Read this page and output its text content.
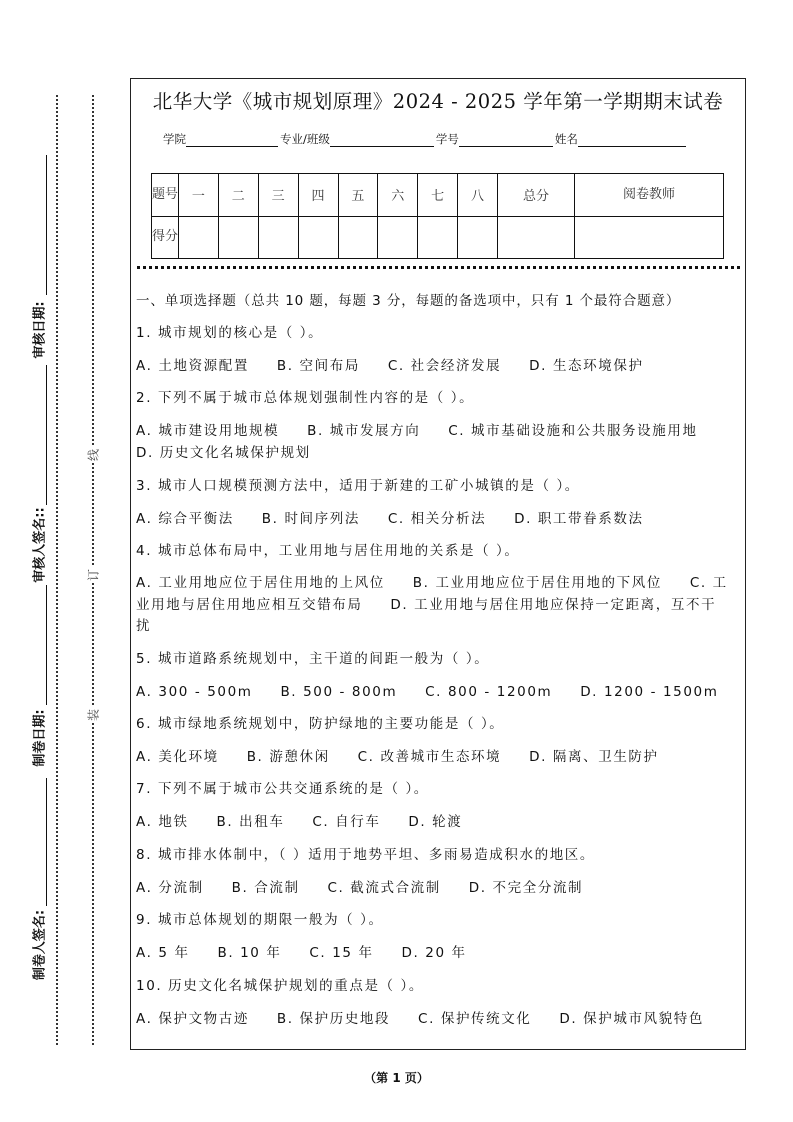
审核日期:
审核人签名::
制卷日期:
制卷人签名:
线
订
装
北华大学《城市规划原理》2024 - 2025 学年第一学期期末试卷
学院	专业/班级	学号	姓名
题号	一	二	三	四	五	六	七	八	总分	阅卷教师
得分										
一、单项选择题（总共 10 题，每题 3 分，每题的备选项中，只有 1 个最符合题意）
1. 城市规划的核心是（ ）。
A. 土地资源配置 B. 空间布局 C. 社会经济发展 D. 生态环境保护
2. 下列不属于城市总体规划强制性内容的是（ ）。
A. 城市建设用地规模 B. 城市发展方向 C. 城市基础设施和公共服务设施用地 D. 历史文化名城保护规划
3. 城市人口规模预测方法中，适用于新建的工矿小城镇的是（ ）。
A. 综合平衡法 B. 时间序列法 C. 相关分析法 D. 职工带眷系数法
4. 城市总体布局中，工业用地与居住用地的关系是（ ）。
A. 工业用地应位于居住用地的上风位 B. 工业用地应位于居住用地的下风位 C. 工业用地与居住用地应相互交错布局 D. 工业用地与居住用地应保持一定距离，互不干扰
5. 城市道路系统规划中，主干道的间距一般为（ ）。
A. 300 - 500m B. 500 - 800m C. 800 - 1200m D. 1200 - 1500m
6. 城市绿地系统规划中，防护绿地的主要功能是（ ）。
A. 美化环境 B. 游憩休闲 C. 改善城市生态环境 D. 隔离、卫生防护
7. 下列不属于城市公共交通系统的是（ ）。
A. 地铁 B. 出租车 C. 自行车 D. 轮渡
8. 城市排水体制中，（ ）适用于地势平坦、多雨易造成积水的地区。
A. 分流制 B. 合流制 C. 截流式合流制 D. 不完全分流制
9. 城市总体规划的期限一般为（ ）。
A. 5 年 B. 10 年 C. 15 年 D. 20 年
10. 历史文化名城保护规划的重点是（ ）。
A. 保护文物古迹 B. 保护历史地段 C. 保护传统文化 D. 保护城市风貌特色
（第 1 页）
